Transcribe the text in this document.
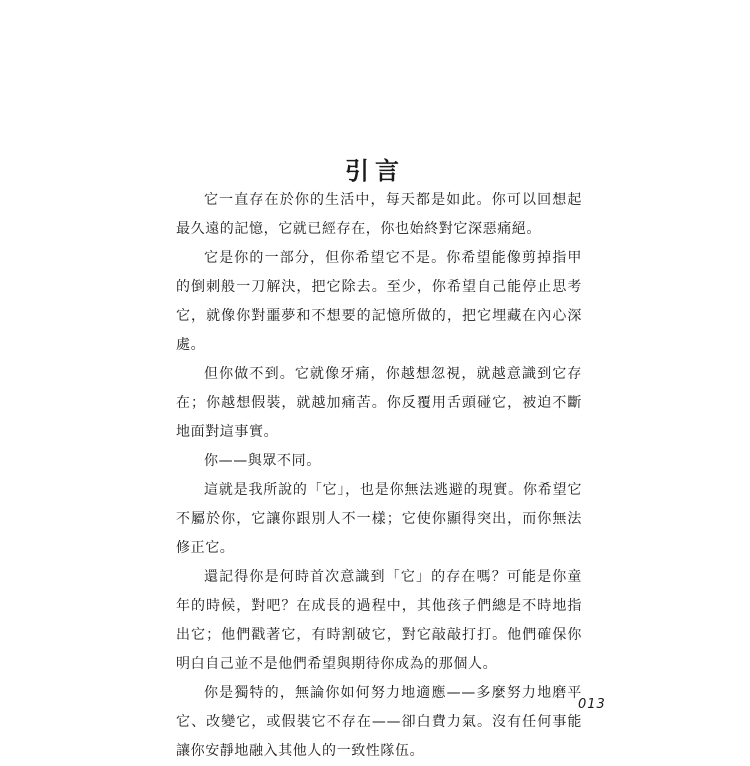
引言

它一直存在於你的生活中，每天都是如此。你可以回想起最久遠的記憶，它就已經存在，你也始終對它深惡痛絕。

它是你的一部分，但你希望它不是。你希望能像剪掉指甲的倒刺般一刀解決，把它除去。至少，你希望自己能停止思考它，就像你對噩夢和不想要的記憶所做的，把它埋藏在內心深處。

但你做不到。它就像牙痛，你越想忽視，就越意識到它存在；你越想假裝，就越加痛苦。你反覆用舌頭碰它，被迫不斷地面對這事實。

你——與眾不同。

這就是我所說的「它」，也是你無法逃避的現實。你希望它不屬於你，它讓你跟別人不一樣；它使你顯得突出，而你無法修正它。

還記得你是何時首次意識到「它」的存在嗎？可能是你童年的時候，對吧？在成長的過程中，其他孩子們總是不時地指出它；他們戳著它，有時割破它，對它敲敲打打。他們確保你明白自己並不是他們希望與期待你成為的那個人。

你是獨特的，無論你如何努力地適應——多麼努力地磨平它、改變它，或假裝它不存在——卻白費力氣。沒有任何事能讓你安靜地融入其他人的一致性隊伍。

013
